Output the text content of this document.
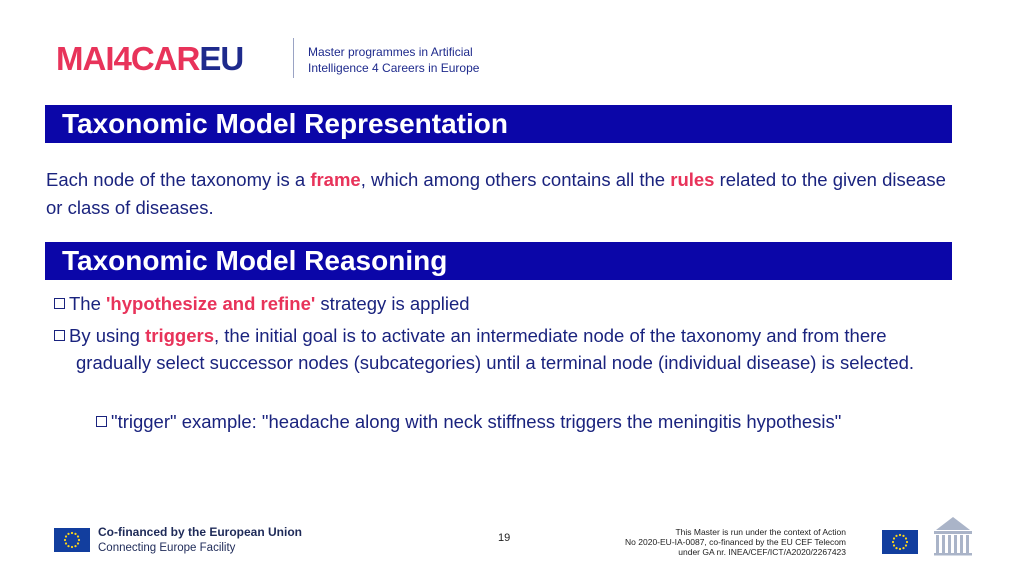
MAI4CAR EU	Master programmes in Artificial
Intelligence 4 Careers in Europe
Taxonomic Model Representation
Each node of the taxonomy is a frame, which among others contains all the rules related to the given disease or class of diseases.
Taxonomic Model Reasoning
The 'hypothesize and refine' strategy is applied
By using triggers, the initial goal is to activate an intermediate node of the taxonomy and from there gradually select successor nodes (subcategories) until a terminal node (individual disease) is selected.
"trigger" example: "headache along with neck stiffness triggers the meningitis hypothesis"
Co-financed by the European Union
Connecting Europe Facility
19	This Master is run under the context of Action
No 2020-EU-IA-0087, co-financed by the EU CEF Telecom
under GA nr. INEA/CEF/ICT/A2020/2267423
